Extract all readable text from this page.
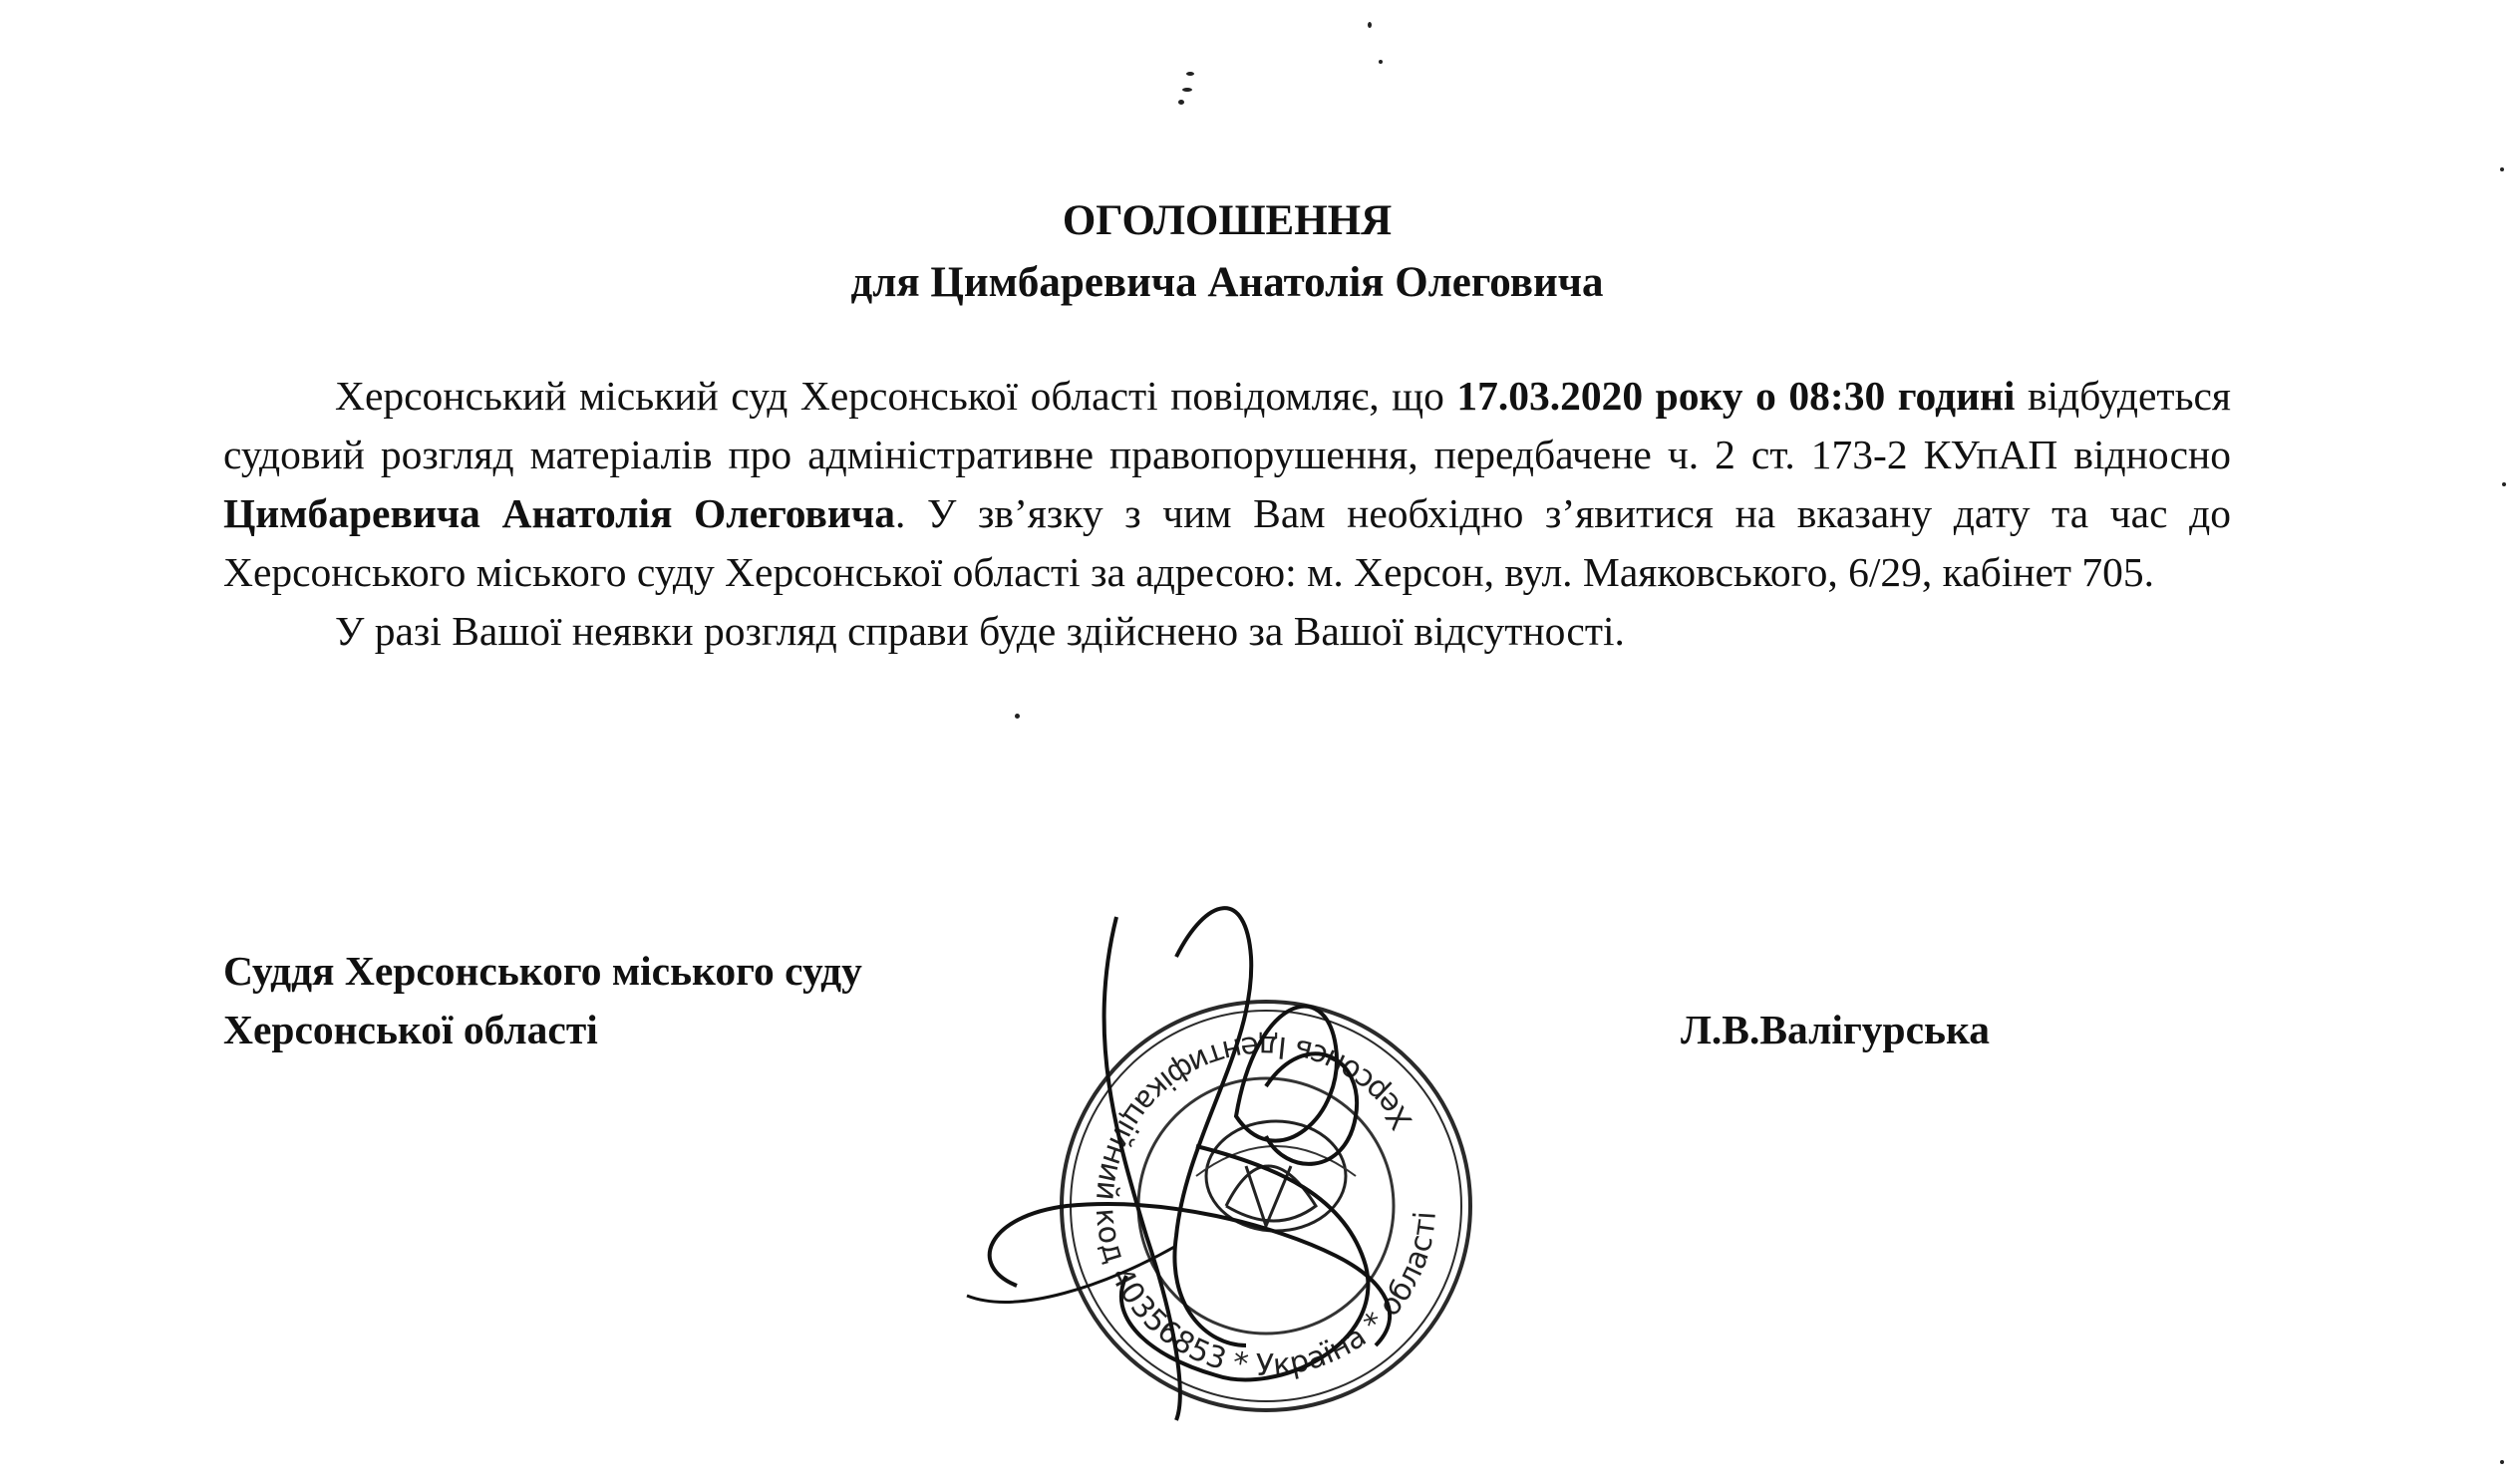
ОГОЛОШЕННЯ
для Цимбаревича Анатолія Олеговича

Херсонський міський суд Херсонської області повідомляє, що 17.03.2020 року о 08:30 годині відбудеться судовий розгляд матеріалів про адміністративне правопорушення, передбачене ч. 2 ст. 173-2 КУпАП відносно Цимбаревича Анатолія Олеговича. У зв’язку з чим Вам необхідно з’явитися на вказану дату та час до Херсонського міського суду Херсонської області за адресою: м. Херсон, вул. Маяковського, 6/29, кабінет 705.

У разі Вашої неявки розгляд справи буде здійснено за Вашої відсутності.

Суддя Херсонського міського суду
Херсонської області	Л.В.Валігурська
Херсонсь Ідентифікаційний код 40356853 * Україна * області
